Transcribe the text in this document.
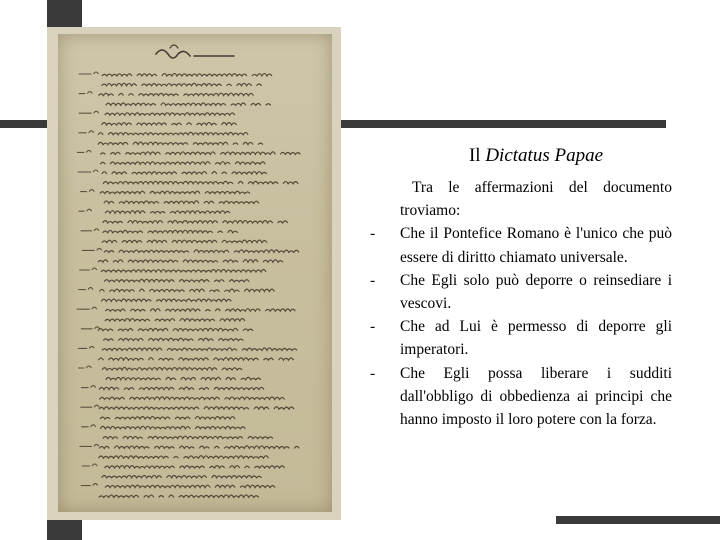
Il Dictatus Papae

Tra le affermazioni del documento troviamo:

- Che il Pontefice Romano è l'unico che può essere di diritto chiamato universale.

- Che Egli solo può deporre o reinsediare i vescovi.

- Che ad Lui è permesso di deporre gli imperatori.

- Che Egli possa liberare i sudditi dall'obbligo di obbedienza ai principi che hanno imposto il loro potere con la forza.
